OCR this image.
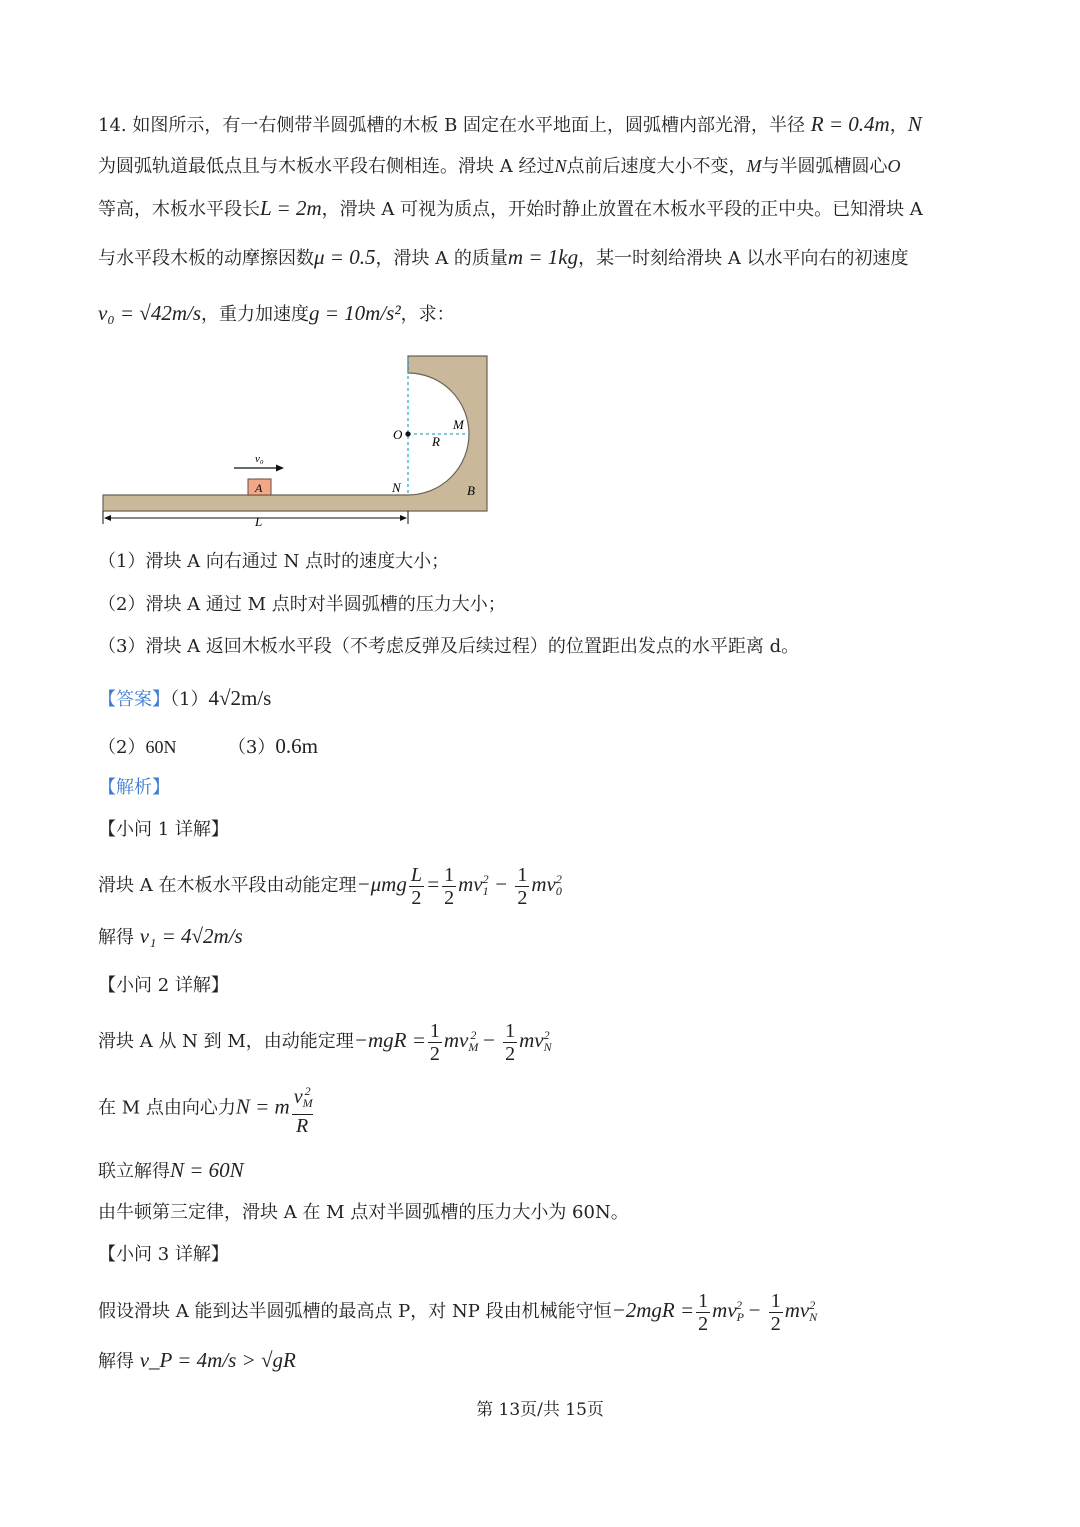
14. 如图所示，有一右侧带半圆弧槽的木板 B 固定在水平地面上，圆弧槽内部光滑，半径 R = 0.4m，N
为圆弧轨道最低点且与木板水平段右侧相连。滑块 A 经过N点前后速度大小不变，M与半圆弧槽圆心O
等高，木板水平段长L = 2m，滑块 A 可视为质点，开始时静止放置在木板水平段的正中央。已知滑块 A
与水平段木板的动摩擦因数μ = 0.5，滑块 A 的质量m = 1kg，某一时刻给滑块 A 以水平向右的初速度
v₀ = √42m/s，重力加速度g = 10m/s²，求：
O
M
R
N	B
A
v₀
L
（1）滑块 A 向右通过 N 点时的速度大小；
（2）滑块 A 通过 M 点时对半圆弧槽的压力大小；
（3）滑块 A 返回木板水平段（不考虑反弹及后续过程）的位置距出发点的水平距离 d。
【答案】（1）4√2m/s
（2）60N	（3）0.6m
【解析】
【小问 1 详解】
滑块 A 在木板水平段由动能定理$-\mu mg \frac{L}{2} = \frac{1}{2} mv_1^2 - \frac{1}{2} mv_0^2$
解得 v₁ = 4√2m/s
【小问 2 详解】
滑块 A 从 N 到 M，由动能定理$-mgR = \frac{1}{2} mv_M^2 - \frac{1}{2} mv_N^2$
在 M 点由向心力N = m $\frac{v_M^2}{R}$
联立解得N = 60N
由牛顿第三定律，滑块 A 在 M 点对半圆弧槽的压力大小为 60N。
【小问 3 详解】
假设滑块 A 能到达半圆弧槽的最高点 P，对 NP 段由机械能守恒$-2mgR = \frac{1}{2} mv_P^2 - \frac{1}{2} mv_N^2$
解得 v_P = 4m/s > √gR
第 13页/共 15页
